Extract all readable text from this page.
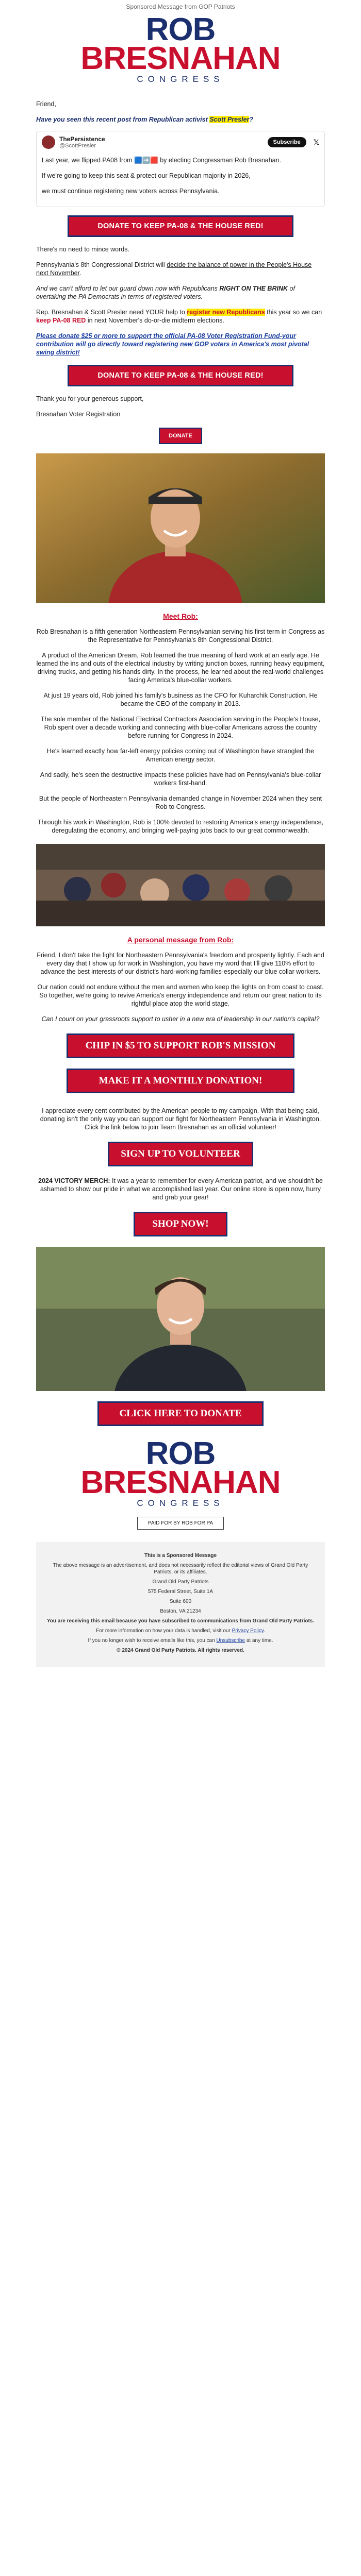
Sponsored Message from GOP Patriots
ROB
BRESNAHAN
CONGRESS

Friend,

Have you seen this recent post from Republican activist Scott Presler?

ThePersistence
@ScottPresler
Subscribe	𝕏

Last year, we flipped PA08 from 🟦➡️🟥 by electing Congressman Rob Bresnahan.

If we're going to keep this seat & protect our Republican majority in 2026,

we must continue registering new voters across Pennsylvania.

DONATE TO KEEP PA-08 & THE HOUSE RED!

There's no need to mince words.

Pennsylvania's 8th Congressional District will decide the balance of power in the People's House next November.

And we can't afford to let our guard down now with Republicans RIGHT ON THE BRINK of overtaking the PA Democrats in terms of registered voters.

Rep. Bresnahan & Scott Presler need YOUR help to register new Republicans this year so we can keep PA-08 RED in next November's do-or-die midterm elections.

Please donate $25 or more to support the official PA-08 Voter Registration Fund-your contribution will go directly toward registering new GOP voters in America's most pivotal swing district!

DONATE TO KEEP PA-08 & THE HOUSE RED!

Thank you for your generous support,

Bresnahan Voter Registration

DONATE
Meet Rob:

Rob Bresnahan is a fifth generation Northeastern Pennsylvanian serving his first term in Congress as the Representative for Pennsylvania's 8th Congressional District.

A product of the American Dream, Rob learned the true meaning of hard work at an early age. He learned the ins and outs of the electrical industry by writing junction boxes, running heavy equipment, driving trucks, and getting his hands dirty. In the process, he learned about the real-world challenges facing America's blue-collar workers.

At just 19 years old, Rob joined his family's business as the CFO for Kuharchik Construction. He became the CEO of the company in 2013.

The sole member of the National Electrical Contractors Association serving in the People's House, Rob spent over a decade working and connecting with blue-collar Americans across the country before running for Congress in 2024.

He's learned exactly how far-left energy policies coming out of Washington have strangled the American energy sector.

And sadly, he's seen the destructive impacts these policies have had on Pennsylvania's blue-collar workers first-hand.

But the people of Northeastern Pennsylvania demanded change in November 2024 when they sent Rob to Congress.

Through his work in Washington, Rob is 100% devoted to restoring America's energy independence, deregulating the economy, and bringing well-paying jobs back to our great commonwealth.

A personal message from Rob:

Friend, I don't take the fight for Northeastern Pennsylvania's freedom and prosperity lightly. Each and every day that I show up for work in Washington, you have my word that I'll give 110% effort to advance the best interests of our district's hard-working families-especially our blue collar workers.

Our nation could not endure without the men and women who keep the lights on from coast to coast. So together, we're going to revive America's energy independence and return our great nation to its rightful place atop the world stage.

Can I count on your grassroots support to usher in a new era of leadership in our nation's capital?

CHIP IN $5 TO SUPPORT ROB'S MISSION
MAKE IT A MONTHLY DONATION!

I appreciate every cent contributed by the American people to my campaign. With that being said, donating isn't the only way you can support our fight for Northeastern Pennsylvania in Washington. Click the link below to join Team Bresnahan as an official volunteer!

SIGN UP TO VOLUNTEER

2024 VICTORY MERCH: It was a year to remember for every American patriot, and we shouldn't be ashamed to show our pride in what we accomplished last year. Our online store is open now, hurry and grab your gear!

SHOP NOW!
CLICK HERE TO DONATE
ROB
BRESNAHAN
CONGRESS
PAID FOR BY ROB FOR PA

This is a Sponsored Message

The above message is an advertisement, and does not necessarily reflect the editorial views of Grand Old Party Patriots, or its affiliates.

Grand Old Party Patriots

575 Federal Street, Suite 1A

Suite 600

Boston, VA 21234

You are receiving this email because you have subscribed to communications from Grand Old Party Patriots.

For more information on how your data is handled, visit our Privacy Policy.

If you no longer wish to receive emails like this, you can Unsubscribe at any time.

© 2024 Grand Old Party Patriots. All rights reserved.
